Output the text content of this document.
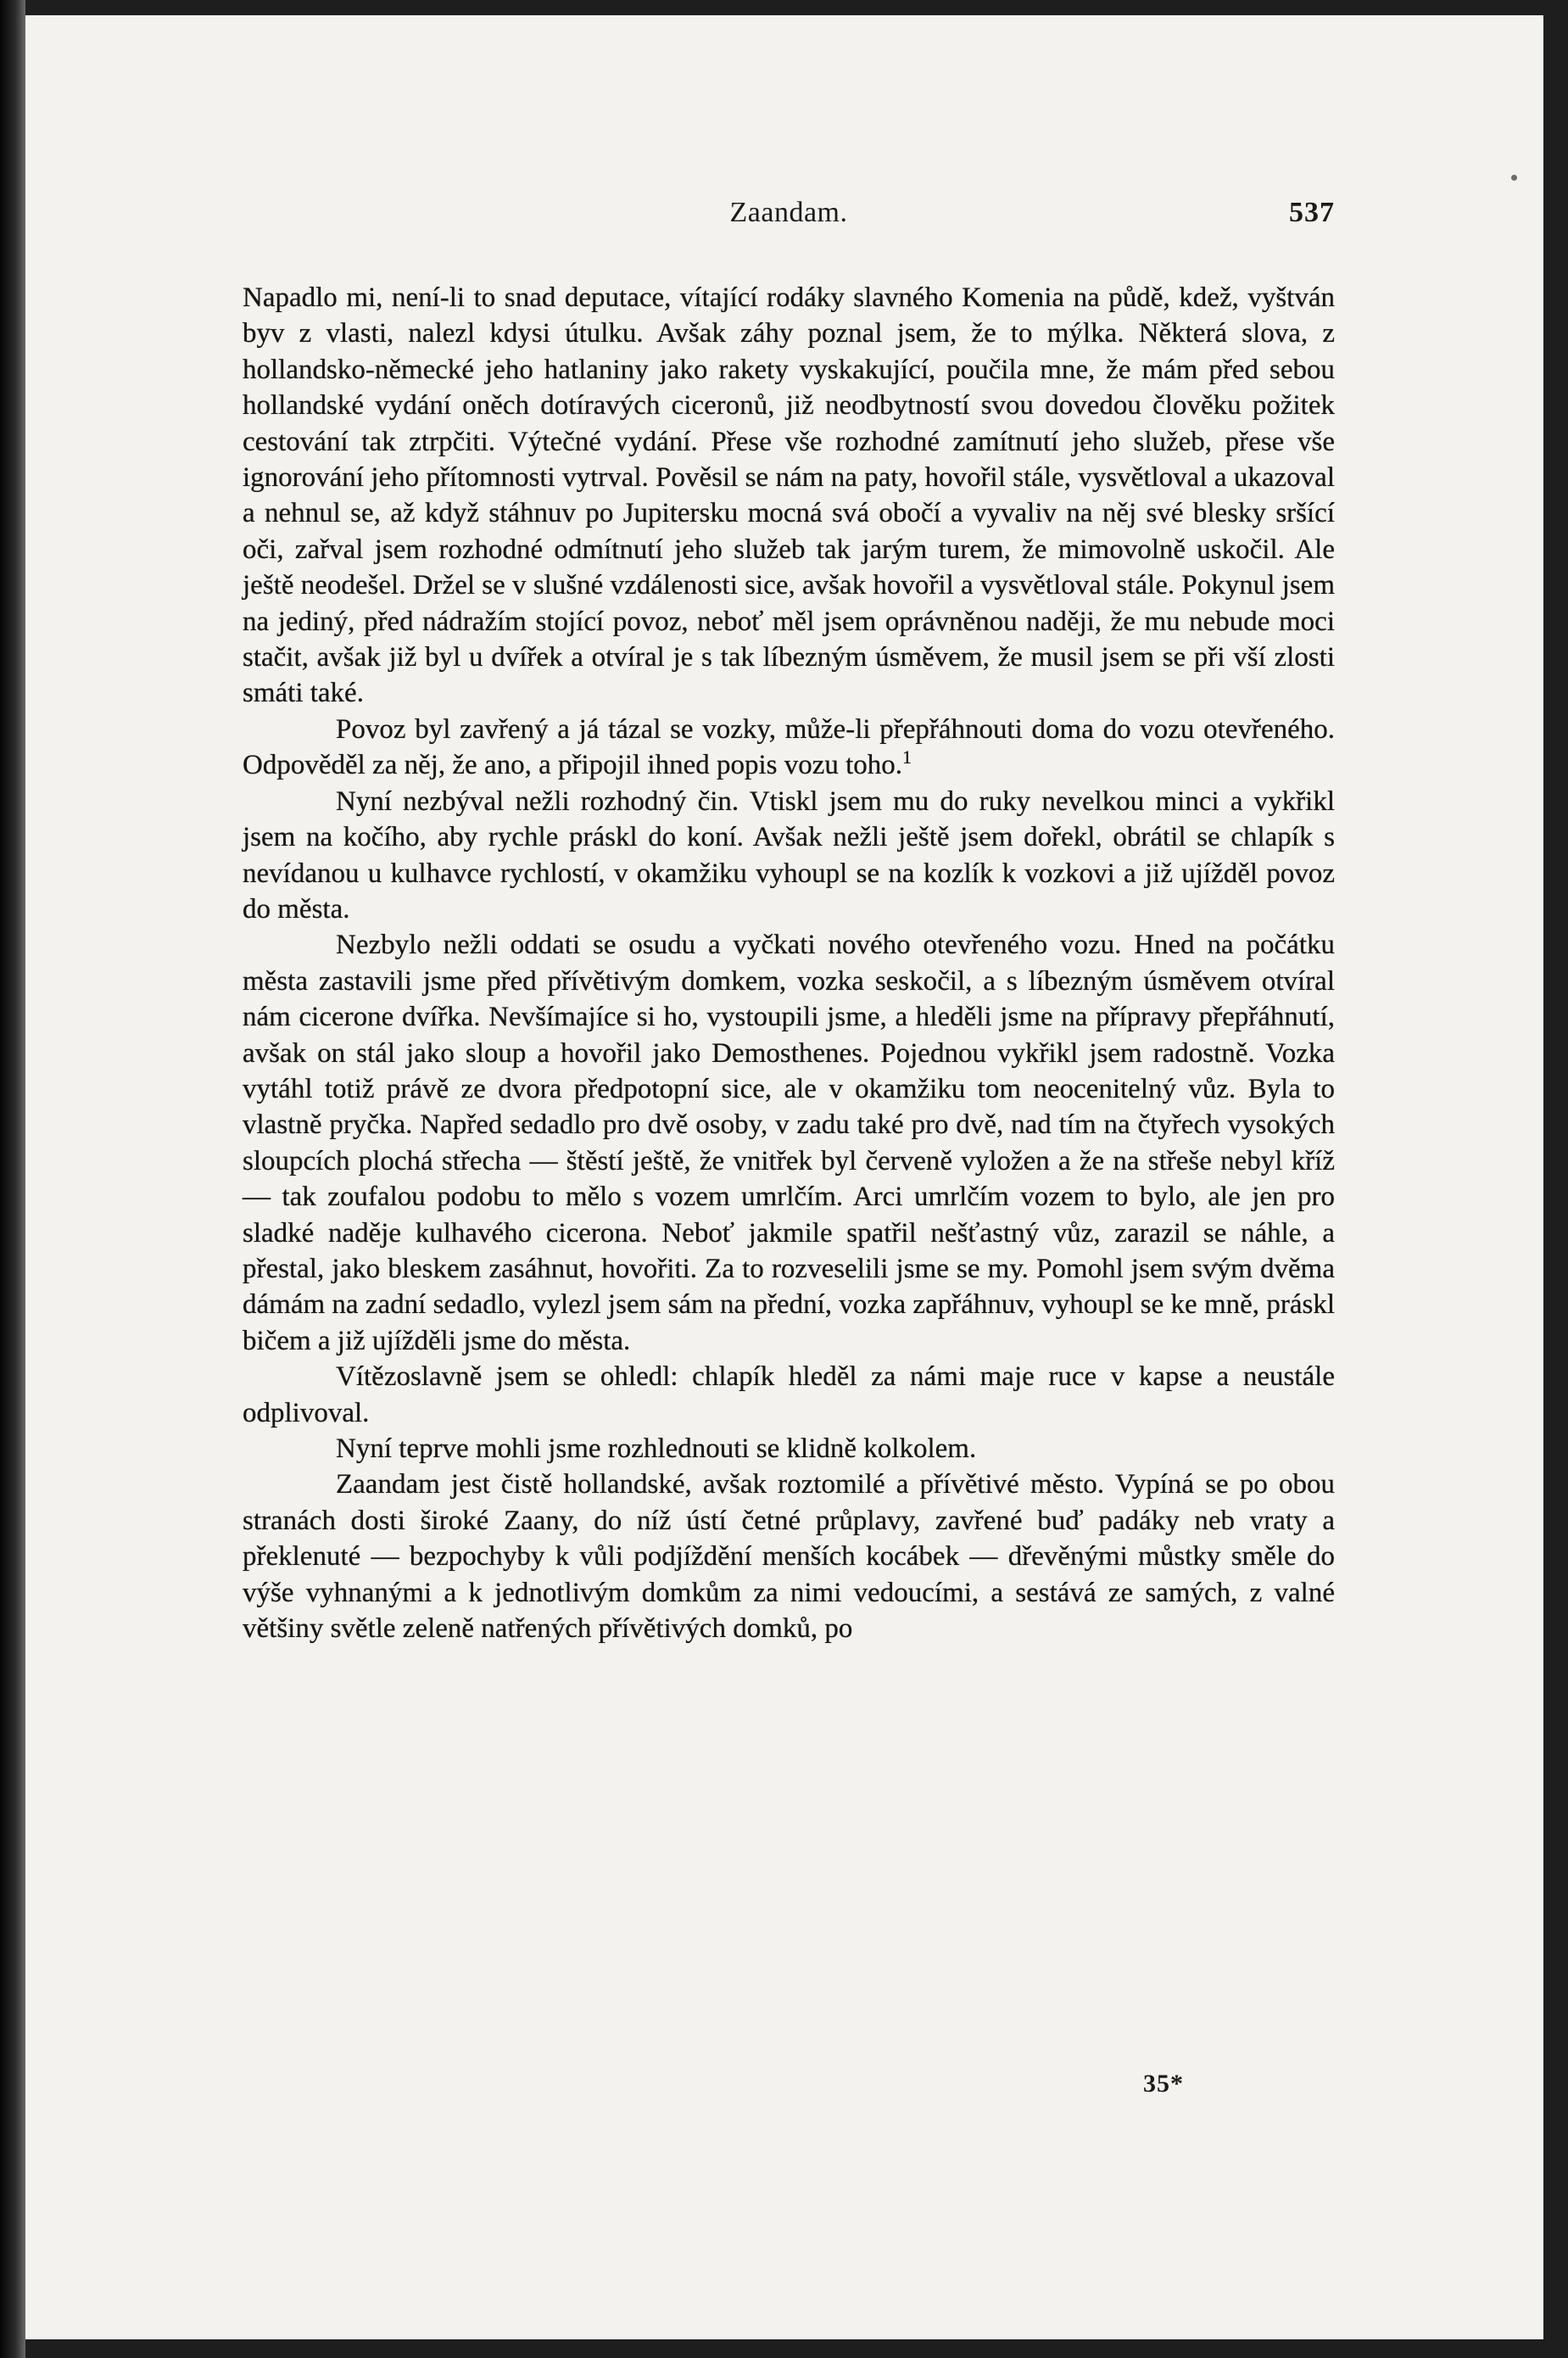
Zaandam.	537

Napadlo mi, není-li to snad deputace, vítající rodáky slavného Komenia na půdě, kdež, vyštván byv z vlasti, nalezl kdysi útulku. Avšak záhy poznal jsem, že to mýlka. Některá slova, z hollandsko-německé jeho hatlaniny jako rakety vyskakující, poučila mne, že mám před sebou hollandské vydání oněch dotíravých ciceronů, již neodbytností svou dovedou člověku požitek cestování tak ztrpčiti. Výtečné vydání. Přese vše rozhodné zamítnutí jeho služeb, přese vše ignorování jeho přítomnosti vytrval. Pověsil se nám na paty, hovořil stále, vysvětloval a ukazoval a nehnul se, až když stáhnuv po Jupitersku mocná svá obočí a vyvaliv na něj své blesky sršící oči, zařval jsem rozhodné odmítnutí jeho služeb tak jarým turem, že mimovolně uskočil. Ale ještě neodešel. Držel se v slušné vzdálenosti sice, avšak hovořil a vysvětloval stále. Pokynul jsem na jediný, před nádražím stojící povoz, neboť měl jsem oprávněnou naději, že mu nebude moci stačit, avšak již byl u dvířek a otvíral je s tak líbezným úsměvem, že musil jsem se při vší zlosti smáti také.

Povoz byl zavřený a já tázal se vozky, může-li přepřáhnouti doma do vozu otevřeného. Odpověděl za něj, že ano, a připojil ihned popis vozu toho.$^1$

Nyní nezbýval nežli rozhodný čin. Vtiskl jsem mu do ruky nevelkou minci a vykřikl jsem na kočího, aby rychle práskl do koní. Avšak nežli ještě jsem dořekl, obrátil se chlapík s nevídanou u kulhavce rychlostí, v okamžiku vyhoupl se na kozlík k vozkovi a již ujížděl povoz do města.

Nezbylo nežli oddati se osudu a vyčkati nového otevřeného vozu. Hned na počátku města zastavili jsme před přívětivým domkem, vozka seskočil, a s líbezným úsměvem otvíral nám cicerone dvířka. Nevšímajíce si ho, vystoupili jsme, a hleděli jsme na přípravy přepřáhnutí, avšak on stál jako sloup a hovořil jako Demosthenes. Pojednou vykřikl jsem radostně. Vozka vytáhl totiž právě ze dvora předpotopní sice, ale v okamžiku tom neocenitelný vůz. Byla to vlastně pryčka. Napřed sedadlo pro dvě osoby, v zadu také pro dvě, nad tím na čtyřech vysokých sloupcích plochá střecha — štěstí ještě, že vnitřek byl červeně vyložen a že na střeše nebyl kříž — tak zoufalou podobu to mělo s vozem umrlčím. Arci umrlčím vozem to bylo, ale jen pro sladké naděje kulhavého cicerona. Neboť jakmile spatřil nešťastný vůz, zarazil se náhle, a přestal, jako bleskem zasáhnut, hovořiti. Za to rozveselili jsme se my. Pomohl jsem svým dvěma dámám na zadní sedadlo, vylezl jsem sám na přední, vozka zapřáhnuv, vyhoupl se ke mně, práskl bičem a již ujížděli jsme do města.

Vítězoslavně jsem se ohledl: chlapík hleděl za námi maje ruce v kapse a neustále odplivoval.

Nyní teprve mohli jsme rozhlednouti se klidně kolkolem.

Zaandam jest čistě hollandské, avšak roztomilé a přívětivé město. Vypíná se po obou stranách dosti široké Zaany, do níž ústí četné průplavy, zavřené buď padáky neb vraty a překlenuté — bezpochyby k vůli podjíždění menších kocábek — dřevěnými můstky směle do výše vyhnanými a k jednotlivým domkům za nimi vedoucími, a sestává ze samých, z valné většiny světle zeleně natřených přívětivých domků, po

35*
